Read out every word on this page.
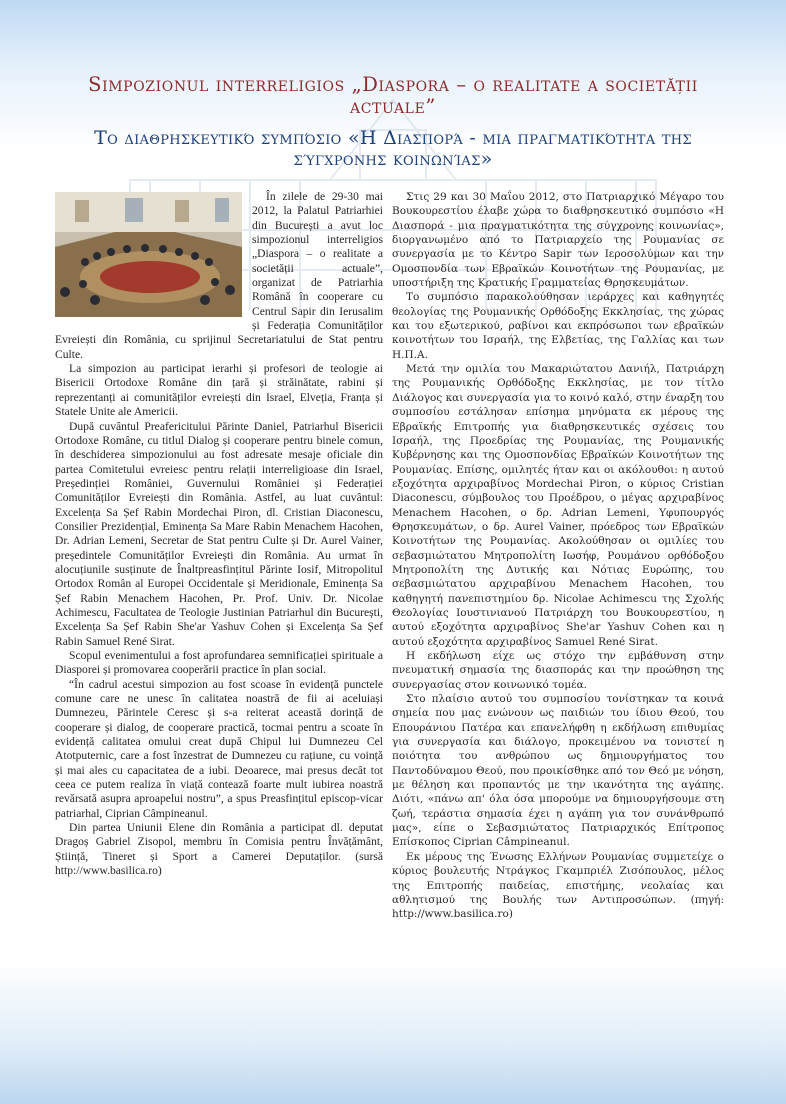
Simpozionul interreligios „Diaspora – o realitate a societății actuale”
Το διαθρησκευτικό συμπόσιο «Η Διασπορά - μια πραγματικότητα της σύγχρονης κοινωνίας»

În zilele de 29-30 mai 2012, la Palatul Patriarhiei din București a avut loc simpozionul interreligios „Diaspora – o realitate a societății actuale”, organizat de Patriarhia Română în cooperare cu Centrul Sapir din Ierusalim și Federația Comunităților Evreiești din România, cu sprijinul Secretariatului de Stat pentru Culte.

La simpozion au participat ierarhi și profesori de teologie ai Bisericii Ortodoxe Române din țară și străinătate, rabini și reprezentanți ai comunităților evreiești din Israel, Elveția, Franța și Statele Unite ale Americii.

După cuvântul Preafericitului Părinte Daniel, Patriarhul Bisericii Ortodoxe Române, cu titlul Dialog și cooperare pentru binele comun, în deschiderea simpozionului au fost adresate mesaje oficiale din partea Comitetului evreiesc pentru relații interreligioase din Israel, Președinției României, Guvernului României și Federației Comunităților Evreiești din România. Astfel, au luat cuvântul: Excelența Sa Șef Rabin Mordechai Piron, dl. Cristian Diaconescu, Consilier Prezidențial, Eminența Sa Mare Rabin Menachem Hacohen, Dr. Adrian Lemeni, Secretar de Stat pentru Culte și Dr. Aurel Vainer, președintele Comunităților Evreiești din România. Au urmat în alocuțiunile susținute de Înaltpreasfințitul Părinte Iosif, Mitropolitul Ortodox Român al Europei Occidentale și Meridionale, Eminența Sa Șef Rabin Menachem Hacohen, Pr. Prof. Univ. Dr. Nicolae Achimescu, Facultatea de Teologie Justinian Patriarhul din București, Excelența Sa Șef Rabin She'ar Yashuv Cohen și Excelența Sa Șef Rabin Samuel René Sirat.

Scopul evenimentului a fost aprofundarea semnificației spirituale a Diasporei și promovarea cooperării practice în plan social.

“În cadrul acestui simpozion au fost scoase în evidență punctele comune care ne unesc în calitatea noastră de fii ai aceluiași Dumnezeu, Părintele Ceresc și s-a reiterat această dorință de cooperare și dialog, de cooperare practică, tocmai pentru a scoate în evidență calitatea omului creat după Chipul lui Dumnezeu Cel Atotputernic, care a fost înzestrat de Dumnezeu cu rațiune, cu voință și mai ales cu capacitatea de a iubi. Deoarece, mai presus decât tot ceea ce putem realiza în viață contează foarte mult iubirea noastră revărsată asupra aproapelui nostru”, a spus Preasfințitul episcop-vicar patriarhal, Ciprian Câmpineanul.

Din partea Uniunii Elene din România a participat dl. deputat Dragoș Gabriel Zisopol, membru în Comisia pentru Învățământ, Știință, Tineret și Sport a Camerei Deputaților. (sursă http://www.basilica.ro)

Στις 29 και 30 Μαΐου 2012, στο Πατριαρχικό Μέγαρο του Βουκουρεστίου έλαβε χώρα το διαθρησκευτικό συμπόσιο «Η Διασπορά - μια πραγματικότητα της σύγχρονης κοινωνίας», διοργανωμένο από το Πατριαρχείο της Ρουμανίας σε συνεργασία με το Κέντρο Sapir των Ιεροσολύμων και την Ομοσπονδία των Εβραϊκών Κοινοτήτων της Ρουμανίας, με υποστήριξη της Κρατικής Γραμματείας Θρησκευμάτων.

Το συμπόσιο παρακολούθησαν ιεράρχες και καθηγητές θεολογίας της Ρουμανικής Ορθόδοξης Εκκλησίας, της χώρας και του εξωτερικού, ραβίνοι και εκπρόσωποι των εβραϊκών κοινοτήτων του Ισραήλ, της Ελβετίας, της Γαλλίας και των Η.Π.Α.

Μετά την ομιλία του Μακαριώτατου Δανιήλ, Πατριάρχη της Ρουμανικής Ορθόδοξης Εκκλησίας, με τον τίτλο Διάλογος και συνεργασία για το κοινό καλό, στην έναρξη του συμποσίου εστάλησαν επίσημα μηνύματα εκ μέρους της Εβραϊκής Επιτροπής για διαθρησκευτικές σχέσεις του Ισραήλ, της Προεδρίας της Ρουμανίας, της Ρουμανικής Κυβέρνησης και της Ομοσπονδίας Εβραϊκών Κοινοτήτων της Ρουμανίας. Επίσης, ομιλητές ήταν και οι ακόλουθοι: η αυτού εξοχότητα αρχιραβίνος Mordechai Piron, ο κύριος Cristian Diaconescu, σύμβουλος του Προέδρου, ο μέγας αρχιραβίνος Menachem Hacohen, ο δρ. Adrian Lemeni, Υφυπουργός Θρησκευμάτων, ο δρ. Aurel Vainer, πρόεδρος των Εβραϊκών Κοινοτήτων της Ρουμανίας. Ακολούθησαν οι ομιλίες του σεβασμιώτατου Μητροπολίτη Ιωσήφ, Ρουμάνου ορθόδοξου Μητροπολίτη της Δυτικής και Νότιας Ευρώπης, του σεβασμιώτατου αρχιραβίνου Menachem Hacohen, του καθηγητή πανεπιστημίου δρ. Nicolae Achimescu της Σχολής Θεολογίας Ιουστινιανού Πατριάρχη του Βουκουρεστίου, η αυτού εξοχότητα αρχιραβίνος She'ar Yashuv Cohen και η αυτού εξοχότητα αρχιραβίνος Samuel René Sirat.

Η εκδήλωση είχε ως στόχο την εμβάθυνση στην πνευματική σημασία της διασποράς και την προώθηση της συνεργασίας στον κοινωνικό τομέα.

Στο πλαίσιο αυτού του συμποσίου τονίστηκαν τα κοινά σημεία που μας ενώνουν ως παιδιών του ίδιου Θεού, του Επουράνιου Πατέρα και επανελήφθη η εκδήλωση επιθυμίας για συνεργασία και διάλογο, προκειμένου να τονιστεί η ποιότητα του ανθρώπου ως δημιουργήματος του Παντοδύναμου Θεού, που προικίσθηκε από τον Θεό με νόηση, με θέληση και προπαντός με την ικανότητα της αγάπης. Διότι, «πάνω απ' όλα όσα μπορούμε να δημιουργήσουμε στη ζωή, τεράστια σημασία έχει η αγάπη για τον συνάνθρωπό μας», είπε ο Σεβασμιώτατος Πατριαρχικός Επίτροπος Επίσκοπος Ciprian Câmpineanul.

Εκ μέρους της Ένωσης Ελλήνων Ρουμανίας συμμετείχε ο κύριος βουλευτής Ντράγκος Γκαμπριέλ Ζισόπουλος, μέλος της Επιτροπής παιδείας, επιστήμης, νεολαίας και αθλητισμού της Βουλής των Αντιπροσώπων. (πηγή: http://www.basilica.ro)
